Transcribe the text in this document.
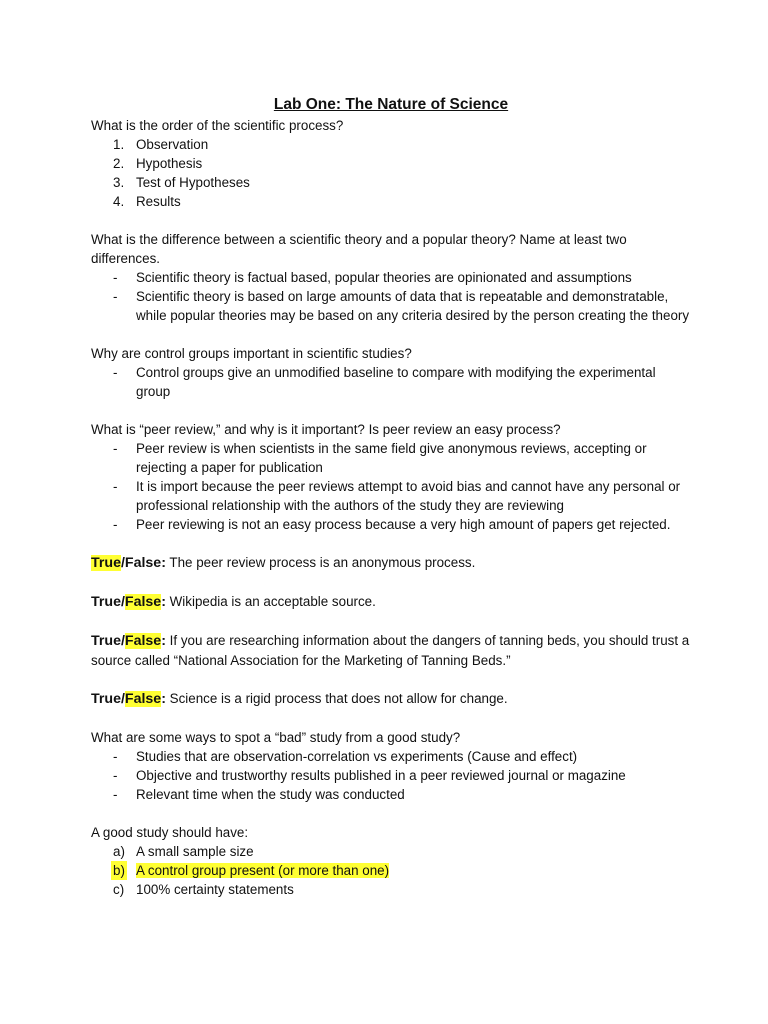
Lab One: The Nature of Science

What is the order of the scientific process?

1. Observation
2. Hypothesis
3. Test of Hypotheses
4. Results

What is the difference between a scientific theory and a popular theory? Name at least two differences.

- Scientific theory is factual based, popular theories are opinionated and assumptions
- Scientific theory is based on large amounts of data that is repeatable and demonstratable, while popular theories may be based on any criteria desired by the person creating the theory

Why are control groups important in scientific studies?

- Control groups give an unmodified baseline to compare with modifying the experimental group

What is “peer review,” and why is it important? Is peer review an easy process?

- Peer review is when scientists in the same field give anonymous reviews, accepting or rejecting a paper for publication
- It is import because the peer reviews attempt to avoid bias and cannot have any personal or professional relationship with the authors of the study they are reviewing
- Peer reviewing is not an easy process because a very high amount of papers get rejected.

True/False: The peer review process is an anonymous process.

True/False: Wikipedia is an acceptable source.

True/False: If you are researching information about the dangers of tanning beds, you should trust a source called “National Association for the Marketing of Tanning Beds.”

True/False: Science is a rigid process that does not allow for change.

What are some ways to spot a “bad” study from a good study?

- Studies that are observation-correlation vs experiments (Cause and effect)
- Objective and trustworthy results published in a peer reviewed journal or magazine
- Relevant time when the study was conducted

A good study should have:

a) A small sample size
b) A control group present (or more than one)
c) 100% certainty statements
